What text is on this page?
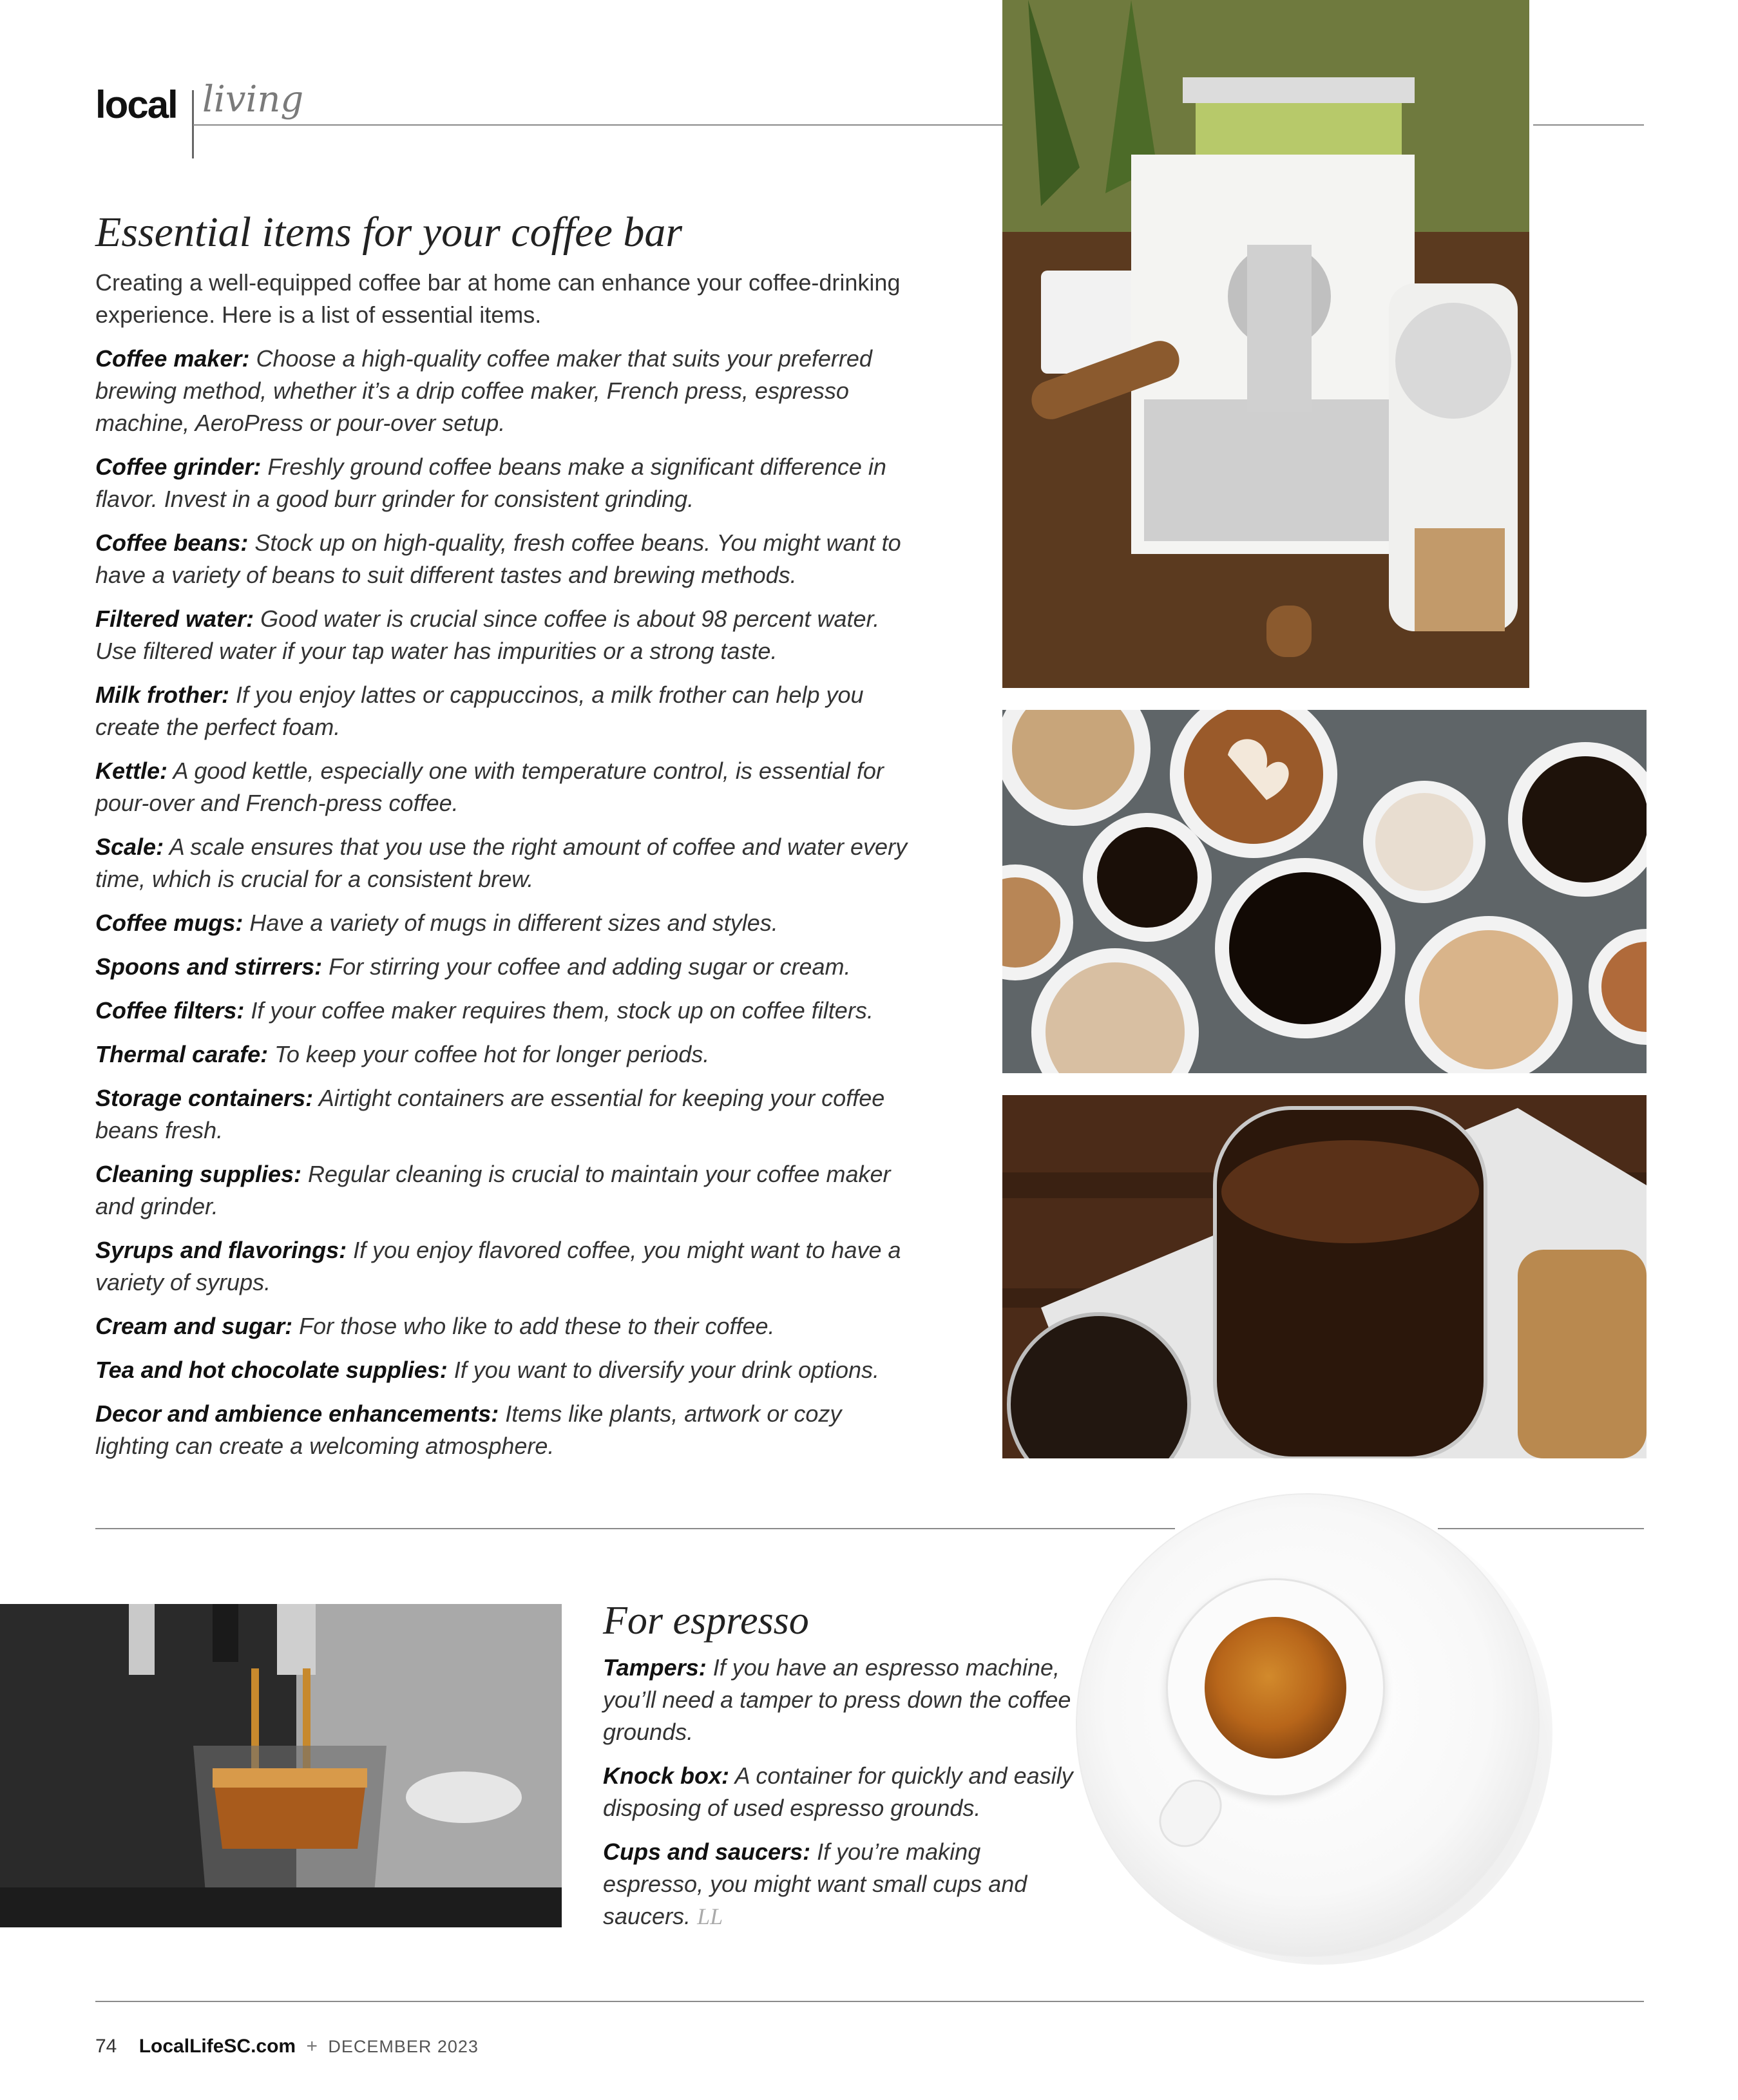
local living
Essential items for your coffee bar

Creating a well-equipped coffee bar at home can enhance your coffee-drinking experience. Here is a list of essential items.

Coffee maker: Choose a high-quality coffee maker that suits your preferred brewing method, whether it’s a drip coffee maker, French press, espresso machine, AeroPress or pour-over setup.

Coffee grinder: Freshly ground coffee beans make a significant difference in flavor. Invest in a good burr grinder for consistent grinding.

Coffee beans: Stock up on high-quality, fresh coffee beans. You might want to have a variety of beans to suit different tastes and brewing methods.

Filtered water: Good water is crucial since coffee is about 98 percent water. Use filtered water if your tap water has impurities or a strong taste.

Milk frother: If you enjoy lattes or cappuccinos, a milk frother can help you create the perfect foam.

Kettle: A good kettle, especially one with temperature control, is essential for pour-over and French-press coffee.

Scale: A scale ensures that you use the right amount of coffee and water every time, which is crucial for a consistent brew.

Coffee mugs: Have a variety of mugs in different sizes and styles.

Spoons and stirrers: For stirring your coffee and adding sugar or cream.

Coffee filters: If your coffee maker requires them, stock up on coffee filters.

Thermal carafe: To keep your coffee hot for longer periods.

Storage containers: Airtight containers are essential for keeping your coffee beans fresh.

Cleaning supplies: Regular cleaning is crucial to maintain your coffee maker and grinder.

Syrups and flavorings: If you enjoy flavored coffee, you might want to have a variety of syrups.

Cream and sugar: For those who like to add these to their coffee.

Tea and hot chocolate supplies: If you want to diversify your drink options.

Decor and ambience enhancements: Items like plants, artwork or cozy lighting can create a welcoming atmosphere.

For espresso

Tampers: If you have an espresso machine, you’ll need a tamper to press down the coffee grounds.

Knock box: A container for quickly and easily disposing of used espresso grounds.

Cups and saucers: If you’re making espresso, you might want small cups and saucers. LL

74 LocalLifeSC.com + DECEMBER 2023
